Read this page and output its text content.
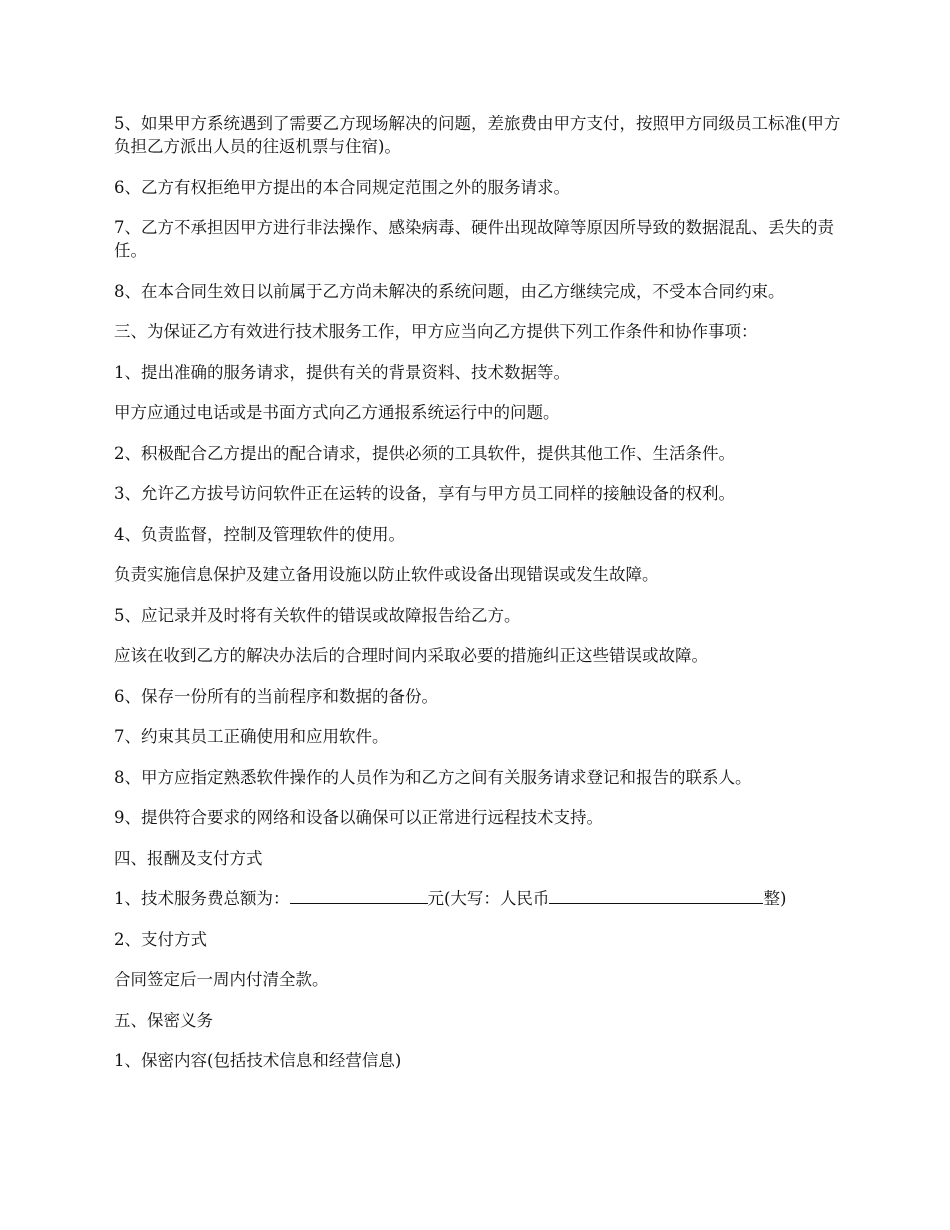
5、如果甲方系统遇到了需要乙方现场解决的问题，差旅费由甲方支付，按照甲方同级员工标准(甲方负担乙方派出人员的往返机票与住宿)。

6、乙方有权拒绝甲方提出的本合同规定范围之外的服务请求。

7、乙方不承担因甲方进行非法操作、感染病毒、硬件出现故障等原因所导致的数据混乱、丢失的责任。

8、在本合同生效日以前属于乙方尚未解决的系统问题，由乙方继续完成，不受本合同约束。

三、为保证乙方有效进行技术服务工作，甲方应当向乙方提供下列工作条件和协作事项：

1、提出准确的服务请求，提供有关的背景资料、技术数据等。

甲方应通过电话或是书面方式向乙方通报系统运行中的问题。

2、积极配合乙方提出的配合请求，提供必须的工具软件，提供其他工作、生活条件。

3、允许乙方拔号访问软件正在运转的设备，享有与甲方员工同样的接触设备的权利。

4、负责监督，控制及管理软件的使用。

负责实施信息保护及建立备用设施以防止软件或设备出现错误或发生故障。

5、应记录并及时将有关软件的错误或故障报告给乙方。

应该在收到乙方的解决办法后的合理时间内采取必要的措施纠正这些错误或故障。

6、保存一份所有的当前程序和数据的备份。

7、约束其员工正确使用和应用软件。

8、甲方应指定熟悉软件操作的人员作为和乙方之间有关服务请求登记和报告的联系人。

9、提供符合要求的网络和设备以确保可以正常进行远程技术支持。

四、报酬及支付方式

1、技术服务费总额为：	元(大写：人民币	整)

2、支付方式

合同签定后一周内付清全款。

五、保密义务

1、保密内容(包括技术信息和经营信息)
